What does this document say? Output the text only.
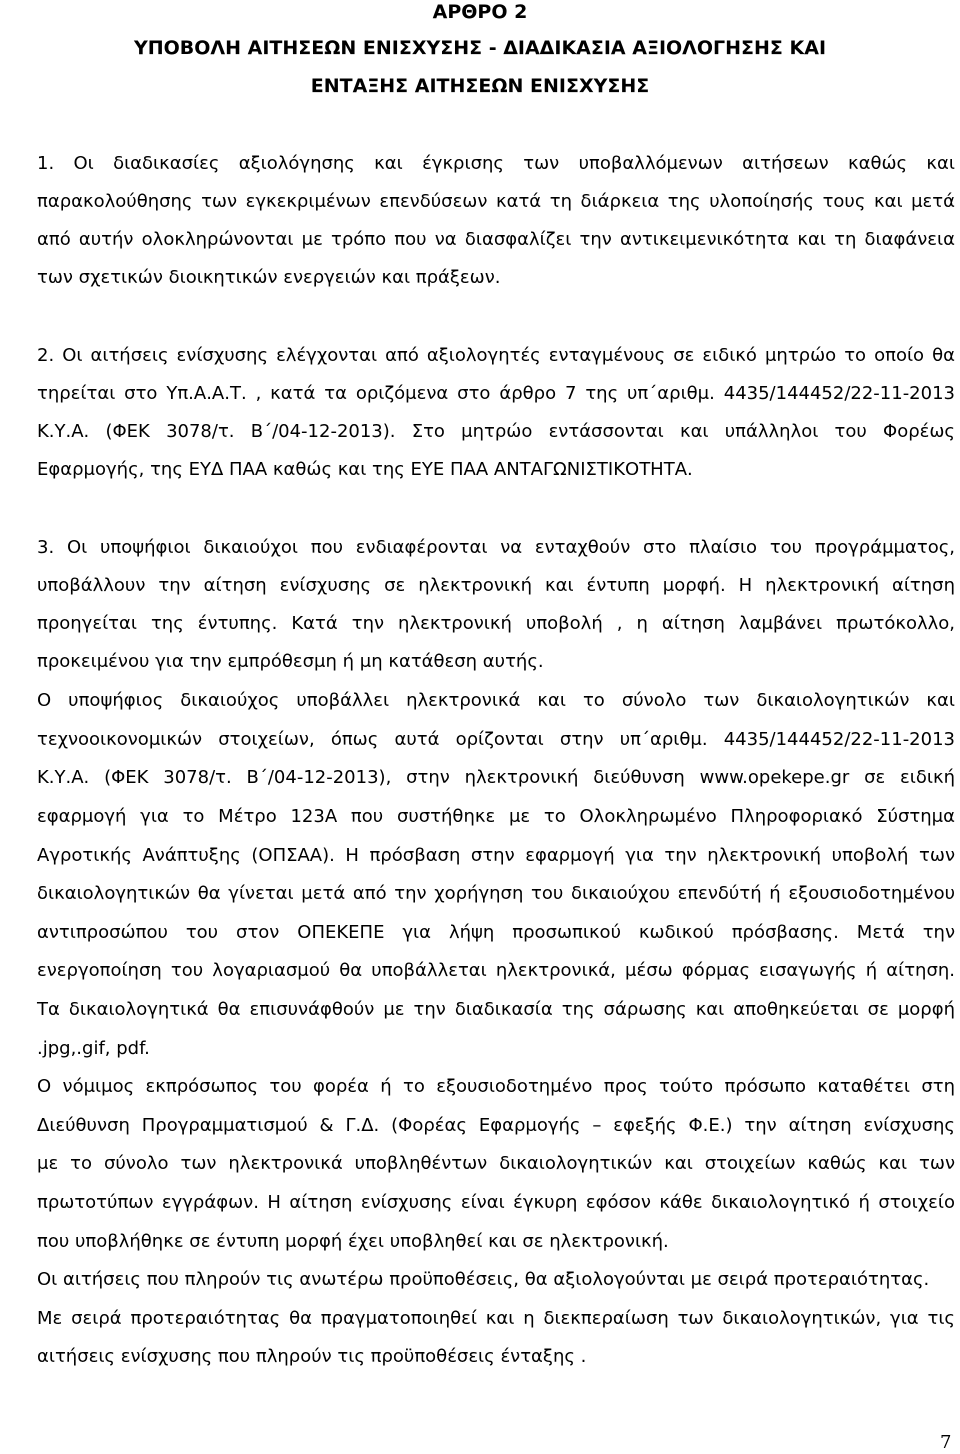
ΑΡΘΡΟ 2
ΥΠΟΒΟΛΗ ΑΙΤΗΣΕΩΝ ΕΝΙΣΧΥΣΗΣ - ΔΙΑΔΙΚΑΣΙΑ ΑΞΙΟΛΟΓΗΣΗΣ ΚΑΙ
ΕΝΤΑΞΗΣ ΑΙΤΗΣΕΩΝ ΕΝΙΣΧΥΣΗΣ
1. Οι διαδικασίες αξιολόγησης και έγκρισης των υποβαλλόμενων αιτήσεων καθώς και
παρακολούθησης των εγκεκριμένων επενδύσεων κατά τη διάρκεια της υλοποίησής τους και μετά
από αυτήν ολοκληρώνονται με τρόπο που να διασφαλίζει την αντικειμενικότητα και τη διαφάνεια
των σχετικών διοικητικών ενεργειών και πράξεων.
2. Οι αιτήσεις ενίσχυσης ελέγχονται από αξιολογητές ενταγμένους σε ειδικό μητρώο το οποίο θα
τηρείται στο Υπ.Α.Α.Τ. , κατά τα οριζόμενα στο άρθρο 7 της υπ΄αριθμ. 4435/144452/22-11-2013
Κ.Υ.Α. (ΦΕΚ 3078/τ. Β΄/04-12-2013). Στο μητρώο εντάσσονται και υπάλληλοι του Φορέως
Εφαρμογής, της ΕΥΔ ΠΑΑ καθώς και της ΕΥΕ ΠΑΑ ΑΝΤΑΓΩΝΙΣΤΙΚΟΤΗΤΑ.
3. Οι υποψήφιοι δικαιούχοι που ενδιαφέρονται να ενταχθούν στο πλαίσιο του προγράμματος,
υποβάλλουν την αίτηση ενίσχυσης σε ηλεκτρονική και έντυπη μορφή. Η ηλεκτρονική αίτηση
προηγείται της έντυπης. Κατά την ηλεκτρονική υποβολή , η αίτηση λαμβάνει πρωτόκολλο,
προκειμένου για την εμπρόθεσμη ή μη κατάθεση αυτής.
Ο υποψήφιος δικαιούχος υποβάλλει ηλεκτρονικά και το σύνολο των δικαιολογητικών και
τεχνοοικονομικών στοιχείων, όπως αυτά ορίζονται στην υπ΄αριθμ. 4435/144452/22-11-2013
Κ.Υ.Α. (ΦΕΚ 3078/τ. Β΄/04-12-2013), στην ηλεκτρονική διεύθυνση www.opekepe.gr σε ειδική
εφαρμογή για το Μέτρο 123Α που συστήθηκε με το Ολοκληρωμένο Πληροφοριακό Σύστημα
Αγροτικής Ανάπτυξης (ΟΠΣΑΑ). Η πρόσβαση στην εφαρμογή για την ηλεκτρονική υποβολή των
δικαιολογητικών θα γίνεται μετά από την χορήγηση του δικαιούχου επενδύτή ή εξουσιοδοτημένου
αντιπροσώπου του στον ΟΠΕΚΕΠΕ για λήψη προσωπικού κωδικού πρόσβασης. Μετά την
ενεργοποίηση του λογαριασμού θα υποβάλλεται ηλεκτρονικά, μέσω φόρμας εισαγωγής ή αίτηση.
Τα δικαιολογητικά θα επισυνάφθούν με την διαδικασία της σάρωσης και αποθηκεύεται σε μορφή
.jpg,.gif, pdf.
Ο νόμιμος εκπρόσωπος του φορέα ή το εξουσιοδοτημένο προς τούτο πρόσωπο καταθέτει στη
Διεύθυνση Προγραμματισμού & Γ.Δ. (Φορέας Εφαρμογής – εφεξής Φ.Ε.) την αίτηση ενίσχυσης
με το σύνολο των ηλεκτρονικά υποβληθέντων δικαιολογητικών και στοιχείων καθώς και των
πρωτοτύπων εγγράφων. Η αίτηση ενίσχυσης είναι έγκυρη εφόσον κάθε δικαιολογητικό ή στοιχείο
που υποβλήθηκε σε έντυπη μορφή έχει υποβληθεί και σε ηλεκτρονική.
Οι αιτήσεις που πληρούν τις ανωτέρω προϋποθέσεις, θα αξιολογούνται με σειρά προτεραιότητας.
Με σειρά προτεραιότητας θα πραγματοποιηθεί και η διεκπεραίωση των δικαιολογητικών, για τις
αιτήσεις ενίσχυσης που πληρούν τις προϋποθέσεις ένταξης .
7
